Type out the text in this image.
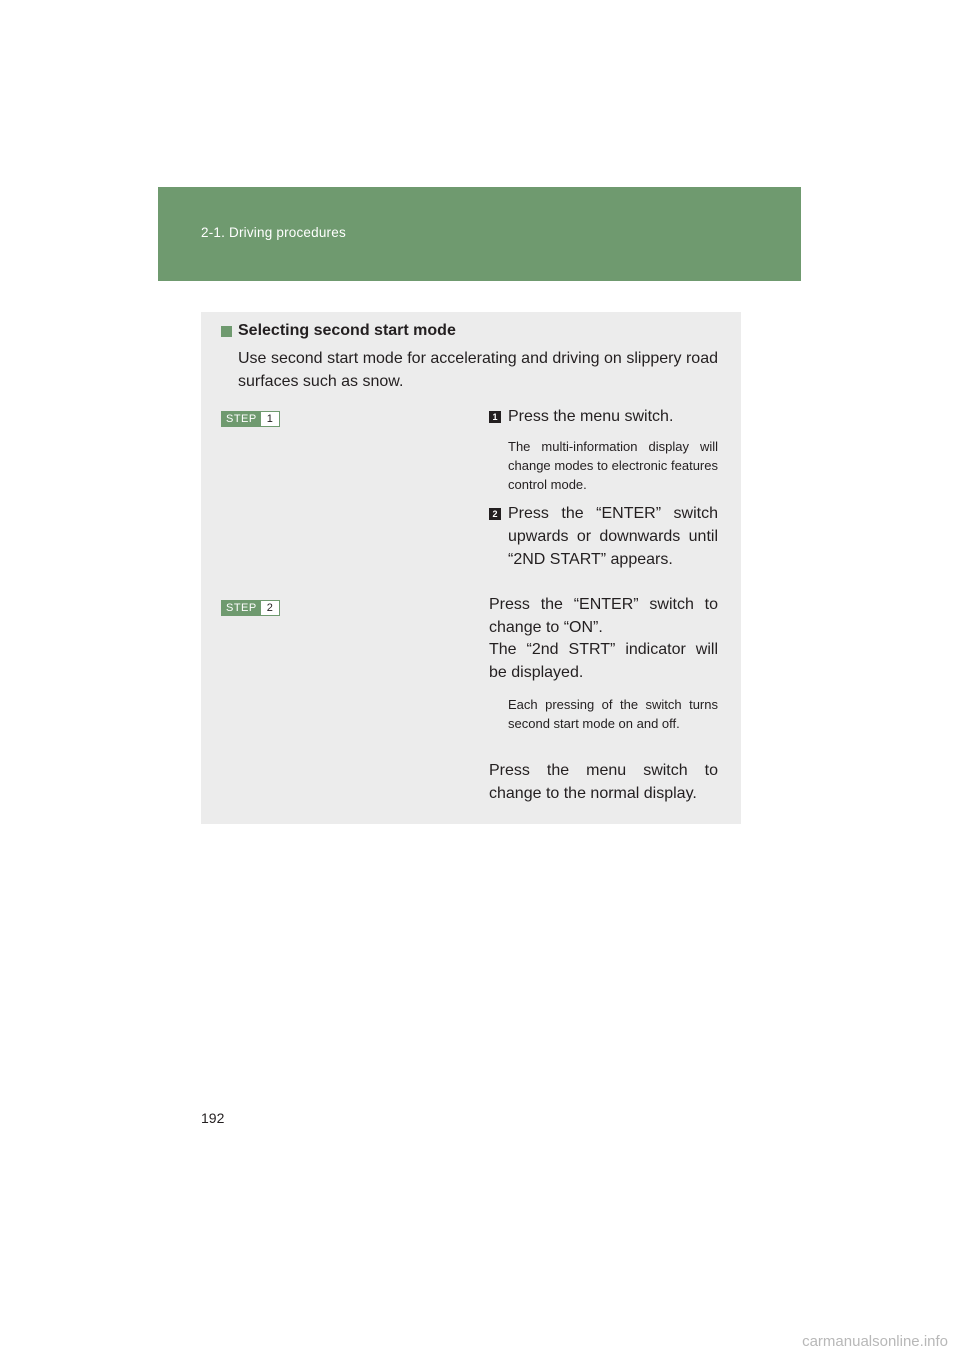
2-1. Driving procedures
Selecting second start mode
Use second start mode for accelerating and driving on slippery road surfaces such as snow.
STEP 1	1 Press the menu switch.
The multi-information display will change modes to electronic features control mode.
2 Press the “ENTER” switch upwards or downwards until “2ND START” appears.
STEP 2	Press the “ENTER” switch to change to “ON”.
The “2nd STRT” indicator will be displayed.
Each pressing of the switch turns second start mode on and off.
Press the menu switch to change to the normal display.
192
carmanualsonline.info
